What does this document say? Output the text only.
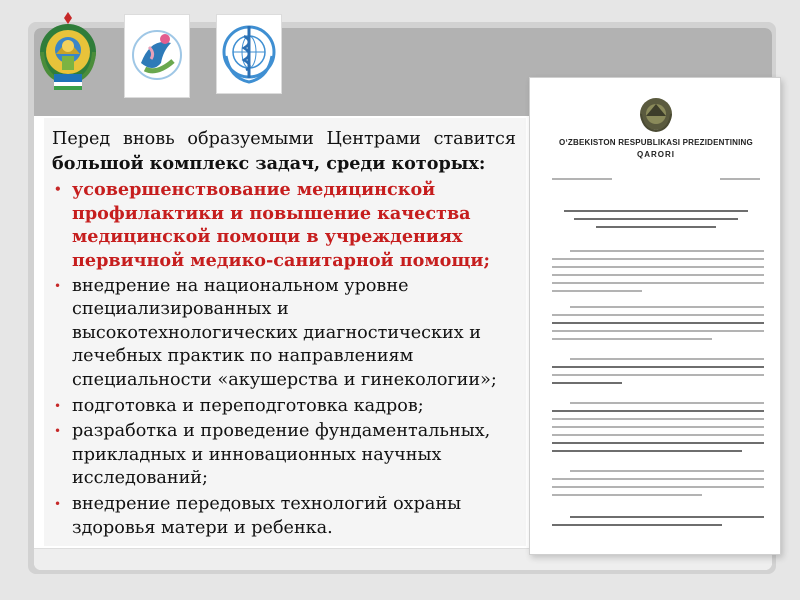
Перед вновь образуемыми Центрами ставится большой комплекс задач, среди которых:

• усовершенствование медицинской профилактики и повышение качества медицинской помощи в учреждениях первичной медико-санитарной помощи;
• внедрение на национальном уровне специализированных и высокотехнологических диагностических и лечебных практик по направлениям специальности «акушерства и гинекологии»;
• подготовка и переподготовка кадров;
• разработка и проведение фундаментальных, прикладных и инновационных научных исследований;
• внедрение передовых технологий охраны здоровья матери и ребенка.
O‘ZBEKISTON RESPUBLIKASI PREZIDENTINING
QARORI
